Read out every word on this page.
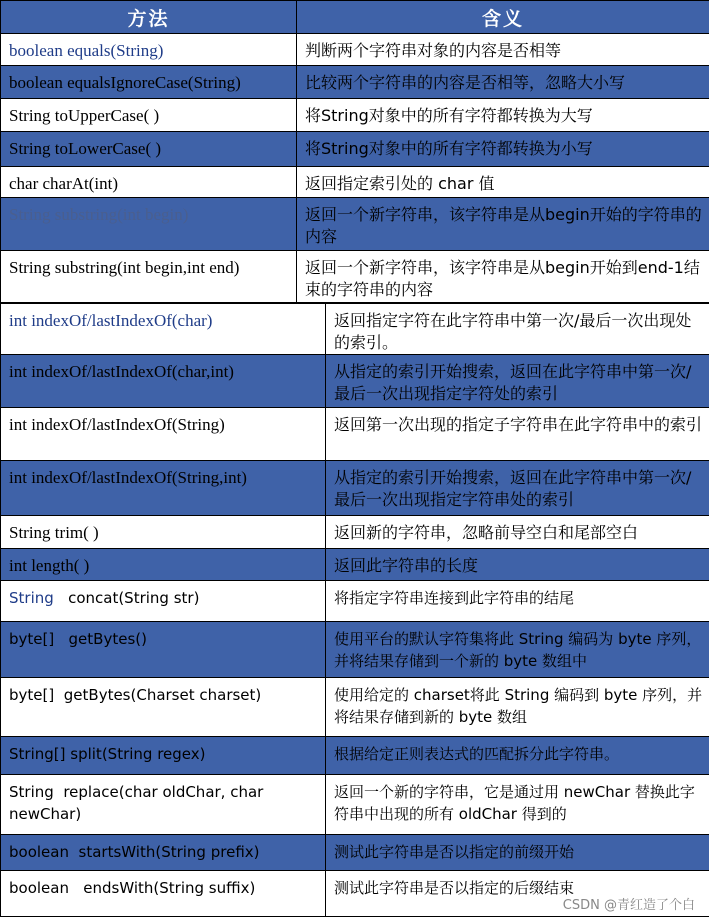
方法	含义
boolean equals(String)	判断两个字符串对象的内容是否相等
boolean equalsIgnoreCase(String)	比较两个字符串的内容是否相等，忽略大小写
String toUpperCase( )	将String对象中的所有字符都转换为大写
String toLowerCase( )	将String对象中的所有字符都转换为小写
char charAt(int)	返回指定索引处的 char 值
String substring(int begin)	返回一个新字符串，该字符串是从begin开始的字符串的内容
String substring(int begin,int end)	返回一个新字符串，该字符串是从begin开始到end-1结束的字符串的内容
int indexOf/lastIndexOf(char)	返回指定字符在此字符串中第一次/最后一次出现处的索引。
int indexOf/lastIndexOf(char,int)	从指定的索引开始搜索，返回在此字符串中第一次/最后一次出现指定字符处的索引
int indexOf/lastIndexOf(String)	返回第一次出现的指定子字符串在此字符串中的索引
int indexOf/lastIndexOf(String,int)	从指定的索引开始搜索，返回在此字符串中第一次/最后一次出现指定字符串处的索引
String trim( )	返回新的字符串，忽略前导空白和尾部空白
int length( )	返回此字符串的长度
String concat(String str)	将指定字符串连接到此字符串的结尾
byte[] getBytes()	使用平台的默认字符集将此 String 编码为 byte 序列，并将结果存储到一个新的 byte 数组中
byte[] getBytes(Charset charset)	使用给定的 charset将此 String 编码到 byte 序列，并将结果存储到新的 byte 数组
String[] split(String regex)	根据给定正则表达式的匹配拆分此字符串。
String replace(char oldChar, char newChar)	返回一个新的字符串，它是通过用 newChar 替换此字符串中出现的所有 oldChar 得到的
boolean startsWith(String prefix)	测试此字符串是否以指定的前缀开始
boolean endsWith(String suffix)	测试此字符串是否以指定的后缀结束
CSDN @青红造了个白
